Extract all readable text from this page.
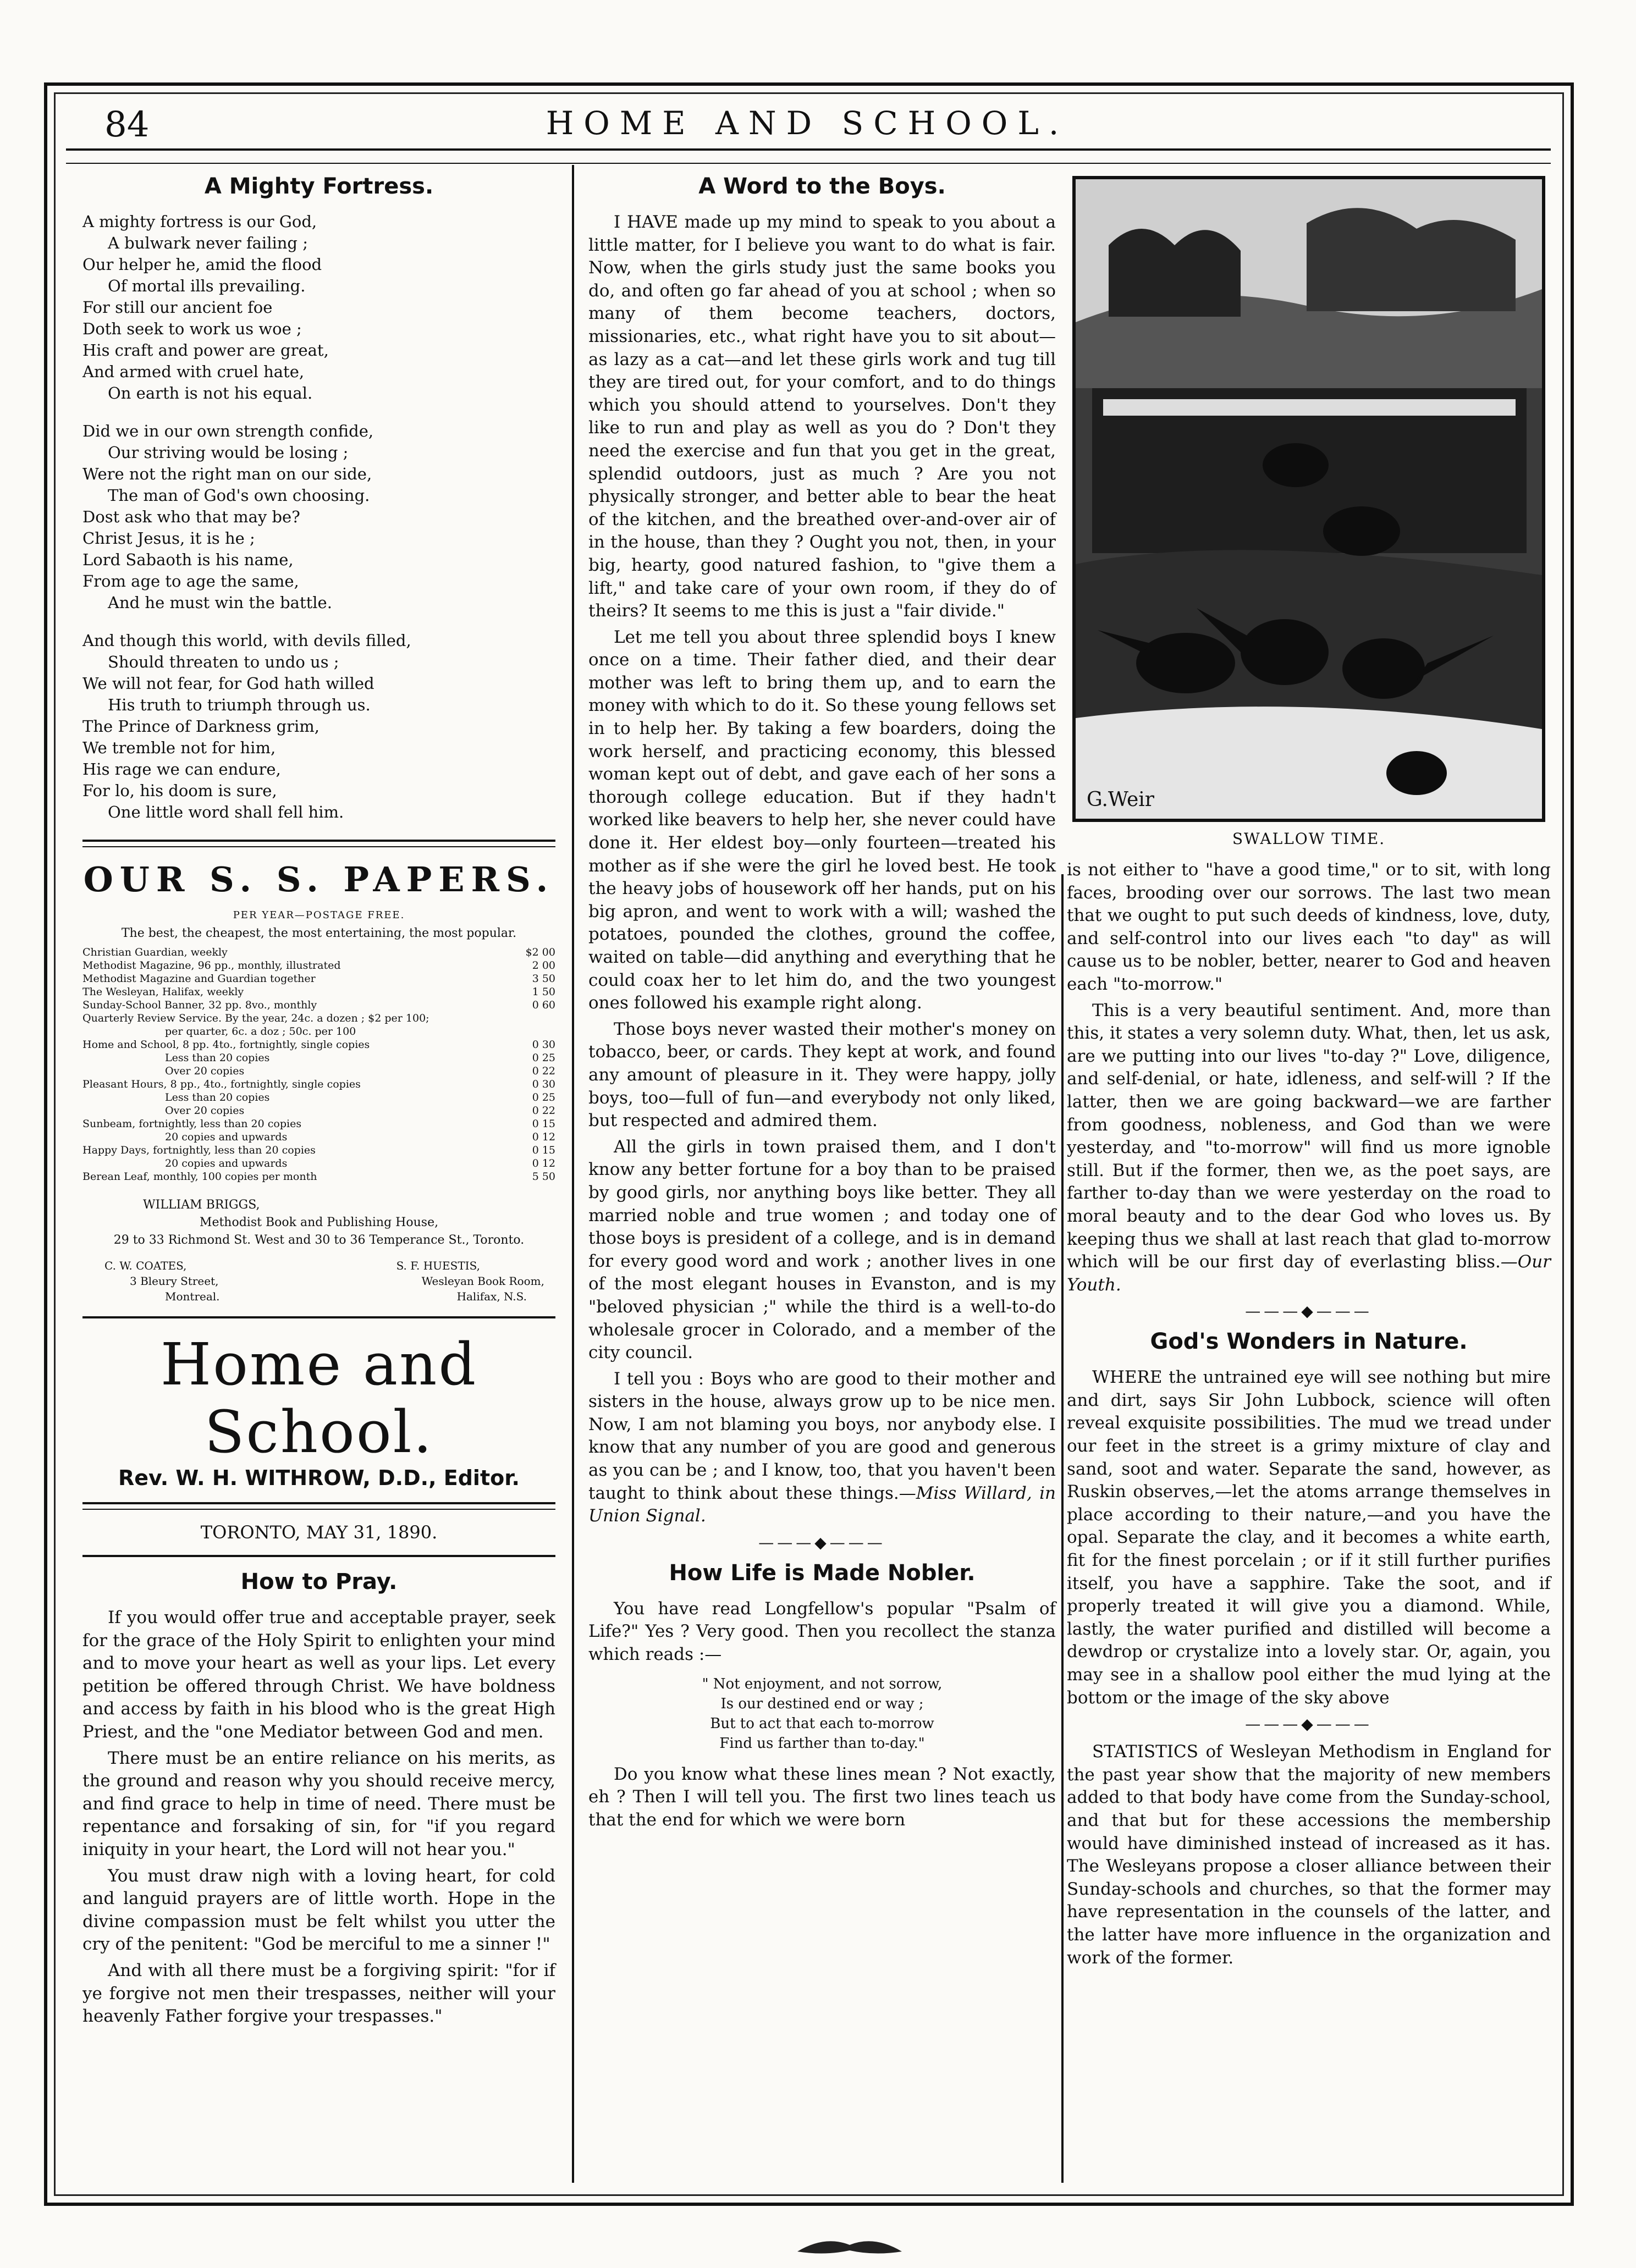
84	HOME AND SCHOOL.
A Mighty Fortress.
A mighty fortress is our God,
A bulwark never failing ;
Our helper he, amid the flood
Of mortal ills prevailing.
For still our ancient foe
Doth seek to work us woe ;
His craft and power are great,
And armed with cruel hate,
On earth is not his equal.
Did we in our own strength confide,
Our striving would be losing ;
Were not the right man on our side,
The man of God's own choosing.
Dost ask who that may be?
Christ Jesus, it is he ;
Lord Sabaoth is his name,
From age to age the same,
And he must win the battle.
And though this world, with devils filled,
Should threaten to undo us ;
We will not fear, for God hath willed
His truth to triumph through us.
The Prince of Darkness grim,
We tremble not for him,
His rage we can endure,
For lo, his doom is sure,
One little word shall fell him.
OUR S. S. PAPERS.
PER YEAR—POSTAGE FREE.
The best, the cheapest, the most entertaining, the most popular.
Christian Guardian, weekly	$2 00
Methodist Magazine, 96 pp., monthly, illustrated	2 00
Methodist Magazine and Guardian together	3 50
The Wesleyan, Halifax, weekly	1 50
Sunday-School Banner, 32 pp. 8vo., monthly	0 60
Quarterly Review Service. By the year, 24c. a dozen ; $2 per 100;
per quarter, 6c. a doz ; 50c. per 100
Home and School, 8 pp. 4to., fortnightly, single copies	0 30
Less than 20 copies	0 25
Over 20 copies	0 22
Pleasant Hours, 8 pp., 4to., fortnightly, single copies	0 30
Less than 20 copies	0 25
Over 20 copies	0 22
Sunbeam, fortnightly, less than 20 copies	0 15
20 copies and upwards	0 12
Happy Days, fortnightly, less than 20 copies	0 15
20 copies and upwards	0 12
Berean Leaf, monthly, 100 copies per month	5 50
WILLIAM BRIGGS,
Methodist Book and Publishing House,
29 to 33 Richmond St. West and 30 to 36 Temperance St., Toronto.
C. W. COATES,
3 Bleury Street,
Montreal.
S. F. HUESTIS,
Wesleyan Book Room,
Halifax, N.S.
Home and School.
Rev. W. H. WITHROW, D.D., Editor.
TORONTO, MAY 31, 1890.
How to Pray.

If you would offer true and acceptable prayer, seek for the grace of the Holy Spirit to enlighten your mind and to move your heart as well as your lips. Let every petition be offered through Christ. We have boldness and access by faith in his blood who is the great High Priest, and the "one Mediator between God and men.

There must be an entire reliance on his merits, as the ground and reason why you should receive mercy, and find grace to help in time of need. There must be repentance and forsaking of sin, for "if you regard iniquity in your heart, the Lord will not hear you."

You must draw nigh with a loving heart, for cold and languid prayers are of little worth. Hope in the divine compassion must be felt whilst you utter the cry of the penitent: "God be merciful to me a sinner !"

And with all there must be a forgiving spirit: "for if ye forgive not men their trespasses, neither will your heavenly Father forgive your trespasses."

A Word to the Boys.

I HAVE made up my mind to speak to you about a little matter, for I believe you want to do what is fair. Now, when the girls study just the same books you do, and often go far ahead of you at school ; when so many of them become teachers, doctors, missionaries, etc., what right have you to sit about—as lazy as a cat—and let these girls work and tug till they are tired out, for your comfort, and to do things which you should attend to yourselves. Don't they like to run and play as well as you do ? Don't they need the exercise and fun that you get in the great, splendid outdoors, just as much ? Are you not physically stronger, and better able to bear the heat of the kitchen, and the breathed over-and-over air of in the house, than they ? Ought you not, then, in your big, hearty, good natured fashion, to "give them a lift," and take care of your own room, if they do of theirs? It seems to me this is just a "fair divide."

Let me tell you about three splendid boys I knew once on a time. Their father died, and their dear mother was left to bring them up, and to earn the money with which to do it. So these young fellows set in to help her. By taking a few boarders, doing the work herself, and practicing economy, this blessed woman kept out of debt, and gave each of her sons a thorough college education. But if they hadn't worked like beavers to help her, she never could have done it. Her eldest boy—only fourteen—treated his mother as if she were the girl he loved best. He took the heavy jobs of housework off her hands, put on his big apron, and went to work with a will; washed the potatoes, pounded the clothes, ground the coffee, waited on table—did anything and everything that he could coax her to let him do, and the two youngest ones followed his example right along.

Those boys never wasted their mother's money on tobacco, beer, or cards. They kept at work, and found any amount of pleasure in it. They were happy, jolly boys, too—full of fun—and everybody not only liked, but respected and admired them.

All the girls in town praised them, and I don't know any better fortune for a boy than to be praised by good girls, nor anything boys like better. They all married noble and true women ; and today one of those boys is president of a college, and is in demand for every good word and work ; another lives in one of the most elegant houses in Evanston, and is my "beloved physician ;" while the third is a well-to-do wholesale grocer in Colorado, and a member of the city council.

I tell you : Boys who are good to their mother and sisters in the house, always grow up to be nice men. Now, I am not blaming you boys, nor anybody else. I know that any number of you are good and generous as you can be ; and I know, too, that you haven't been taught to think about these things.—Miss Willard, in Union Signal.

———◆———
How Life is Made Nobler.

You have read Longfellow's popular "Psalm of Life?" Yes ? Very good. Then you recollect the stanza which reads :—

" Not enjoyment, and not sorrow,
Is our destined end or way ;
But to act that each to-morrow
Find us farther than to-day."

Do you know what these lines mean ? Not exactly, eh ? Then I will tell you. The first two lines teach us that the end for which we were born

G.Weir
SWALLOW TIME.

is not either to "have a good time," or to sit, with long faces, brooding over our sorrows. The last two mean that we ought to put such deeds of kindness, love, duty, and self-control into our lives each "to day" as will cause us to be nobler, better, nearer to God and heaven each "to-morrow."

This is a very beautiful sentiment. And, more than this, it states a very solemn duty. What, then, let us ask, are we putting into our lives "to-day ?" Love, diligence, and self-denial, or hate, idleness, and self-will ? If the latter, then we are going backward—we are farther from goodness, nobleness, and God than we were yesterday, and "to-morrow" will find us more ignoble still. But if the former, then we, as the poet says, are farther to-day than we were yesterday on the road to moral beauty and to the dear God who loves us. By keeping thus we shall at last reach that glad to-morrow which will be our first day of everlasting bliss.—Our Youth.

———◆———
God's Wonders in Nature.

WHERE the untrained eye will see nothing but mire and dirt, says Sir John Lubbock, science will often reveal exquisite possibilities. The mud we tread under our feet in the street is a grimy mixture of clay and sand, soot and water. Separate the sand, however, as Ruskin observes,—let the atoms arrange themselves in place according to their nature,—and you have the opal. Separate the clay, and it becomes a white earth, fit for the finest porcelain ; or if it still further purifies itself, you have a sapphire. Take the soot, and if properly treated it will give you a diamond. While, lastly, the water purified and distilled will become a dewdrop or crystalize into a lovely star. Or, again, you may see in a shallow pool either the mud lying at the bottom or the image of the sky above

———◆———

STATISTICS of Wesleyan Methodism in England for the past year show that the majority of new members added to that body have come from the Sunday-school, and that but for these accessions the membership would have diminished instead of increased as it has. The Wesleyans propose a closer alliance between their Sunday-schools and churches, so that the former may have representation in the counsels of the latter, and the latter have more influence in the organization and work of the former.
